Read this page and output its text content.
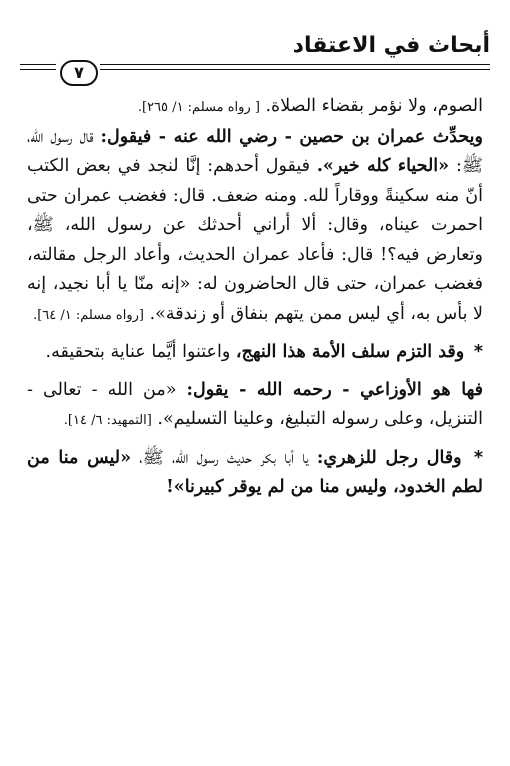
أبحاث في الاعتقاد
٧

الصوم، ولا نؤمر بقضاء الصلاة. [ رواه مسلم: ١/ ٢٦٥].

ويحدِّث عمران بن حصين - رضي الله عنه - فيقول: قال رسول الله، ﷺ: «الحياء كله خير». فيقول أحدهم: إنَّا لنجد في بعض الكتب أنّ منه سكينةً ووقاراً لله. ومنه ضعف. قال: فغضب عمران حتى احمرت عيناه، وقال: ألا أراني أحدثك عن رسول الله، ﷺ، وتعارض فيه؟! قال: فأعاد عمران الحديث، وأعاد الرجل مقالته، فغضب عمران، حتى قال الحاضرون له: «إنه منّا يا أبا نجيد، إنه لا بأس به، أي ليس ممن يتهم بنفاق أو زندقة». [رواه مسلم: ١/ ٦٤].

* وقد التزم سلف الأمة هذا النهج، واعتنوا أيَّما عناية بتحقيقه.

فها هو الأوزاعي - رحمه الله - يقول: «من الله - تعالى - التنزيل، وعلى رسوله التبليغ، وعلينا التسليم». [التمهيد: ٦/ ١٤].

* وقال رجل للزهري: يا أبا بكر حديث رسول الله، ﷺ، «ليس منا من لطم الخدود، وليس منا من لم يوقر كبيرنا»!
